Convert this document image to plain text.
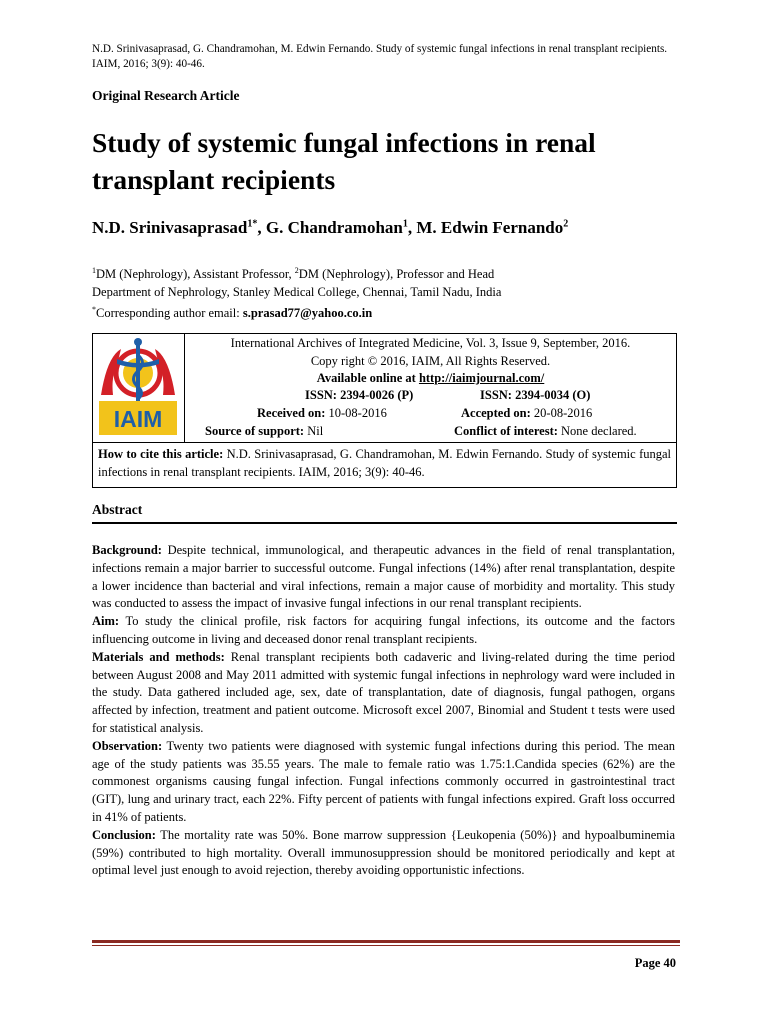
N.D. Srinivasaprasad, G. Chandramohan, M. Edwin Fernando. Study of systemic fungal infections in renal transplant recipients. IAIM, 2016; 3(9): 40-46.
Original Research Article
Study of systemic fungal infections in renal transplant recipients
N.D. Srinivasaprasad$^{1*}$, G. Chandramohan$^1$, M. Edwin Fernando$^2$
$^1$DM (Nephrology), Assistant Professor, $^2$DM (Nephrology), Professor and Head
Department of Nephrology, Stanley Medical College, Chennai, Tamil Nadu, India
*Corresponding author email: s.prasad77@yahoo.co.in
IAIM
International Archives of Integrated Medicine, Vol. 3, Issue 9, September, 2016.
Copy right © 2016, IAIM, All Rights Reserved.
Available online at http://iaimjournal.com/
ISSN: 2394-0026 (P)	ISSN: 2394-0034 (O)
Received on: 10-08-2016	Accepted on: 20-08-2016
Source of support: Nil	Conflict of interest: None declared.
How to cite this article: N.D. Srinivasaprasad, G. Chandramohan, M. Edwin Fernando. Study of systemic fungal infections in renal transplant recipients. IAIM, 2016; 3(9): 40-46.
Abstract

Background: Despite technical, immunological, and therapeutic advances in the field of renal transplantation, infections remain a major barrier to successful outcome. Fungal infections (14%) after renal transplantation, despite a lower incidence than bacterial and viral infections, remain a major cause of morbidity and mortality. This study was conducted to assess the impact of invasive fungal infections in our renal transplant recipients.

Aim: To study the clinical profile, risk factors for acquiring fungal infections, its outcome and the factors influencing outcome in living and deceased donor renal transplant recipients.

Materials and methods: Renal transplant recipients both cadaveric and living-related during the time period between August 2008 and May 2011 admitted with systemic fungal infections in nephrology ward were included in the study. Data gathered included age, sex, date of transplantation, date of diagnosis, fungal pathogen, organs affected by infection, treatment and patient outcome. Microsoft excel 2007, Binomial and Student t tests were used for statistical analysis.

Observation: Twenty two patients were diagnosed with systemic fungal infections during this period. The mean age of the study patients was 35.55 years. The male to female ratio was 1.75:1.Candida species (62%) are the commonest organisms causing fungal infection. Fungal infections commonly occurred in gastrointestinal tract (GIT), lung and urinary tract, each 22%. Fifty percent of patients with fungal infections expired. Graft loss occurred in 41% of patients.

Conclusion: The mortality rate was 50%. Bone marrow suppression {Leukopenia (50%)} and hypoalbuminemia (59%) contributed to high mortality. Overall immunosuppression should be monitored periodically and kept at optimal level just enough to avoid rejection, thereby avoiding opportunistic infections.

Page 40
